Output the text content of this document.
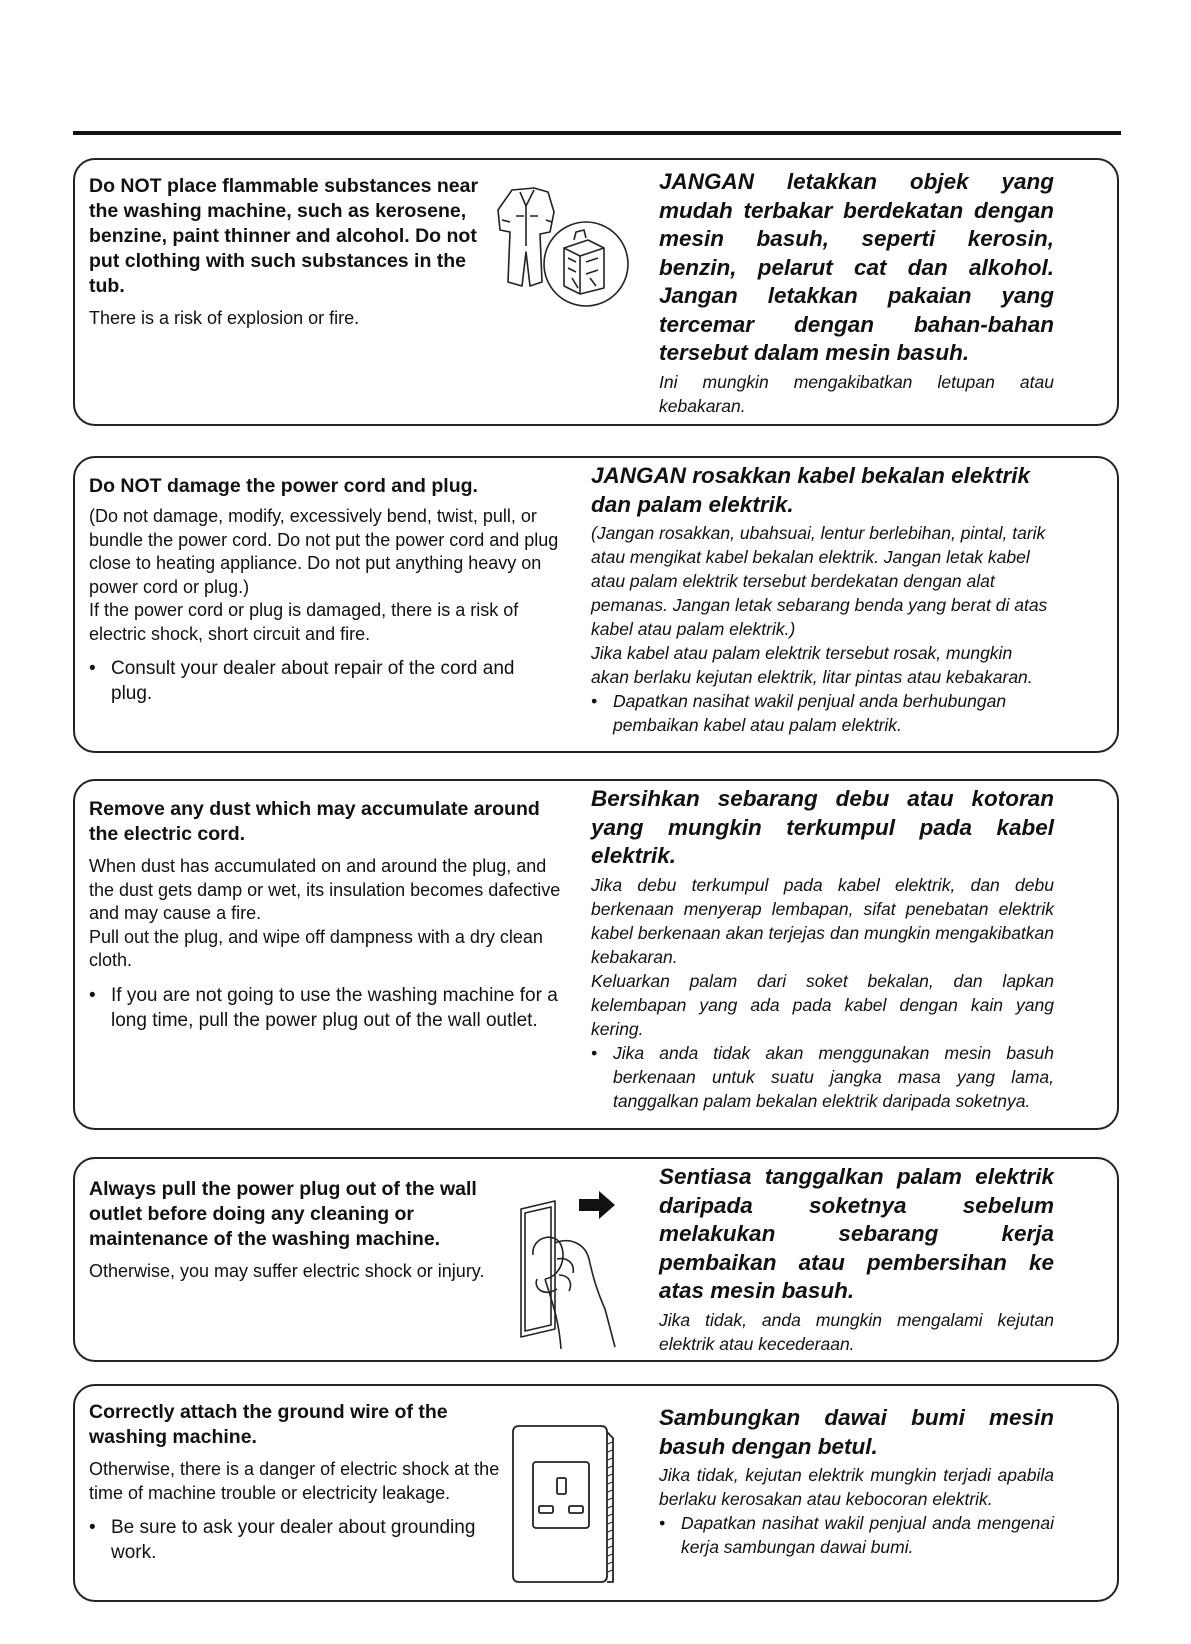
Do NOT place flammable substances near the washing machine, such as kerosene, benzine, paint thinner and alcohol. Do not put clothing with such substances in the tub.
There is a risk of explosion or fire.
JANGAN letakkan objek yang mudah terbakar berdekatan dengan mesin basuh, seperti kerosin, benzin, pelarut cat dan alkohol. Jangan letakkan pakaian yang tercemar dengan bahan-bahan tersebut dalam mesin basuh.
Ini mungkin mengakibatkan letupan atau kebakaran.
Do NOT damage the power cord and plug.
(Do not damage, modify, excessively bend, twist, pull, or bundle the power cord. Do not put the power cord and plug close to heating appliance. Do not put anything heavy on power cord or plug.)
If the power cord or plug is damaged, there is a risk of electric shock, short circuit and fire.
• Consult your dealer about repair of the cord and plug.
JANGAN rosakkan kabel bekalan elektrik dan palam elektrik.
(Jangan rosakkan, ubahsuai, lentur berlebihan, pintal, tarik atau mengikat kabel bekalan elektrik. Jangan letak kabel atau palam elektrik tersebut berdekatan dengan alat pemanas. Jangan letak sebarang benda yang berat di atas kabel atau palam elektrik.)
Jika kabel atau palam elektrik tersebut rosak, mungkin akan berlaku kejutan elektrik, litar pintas atau kebakaran.
• Dapatkan nasihat wakil penjual anda berhubungan pembaikan kabel atau palam elektrik.
Remove any dust which may accumulate around the electric cord.
When dust has accumulated on and around the plug, and the dust gets damp or wet, its insulation becomes dafective and may cause a fire.
Pull out the plug, and wipe off dampness with a dry clean cloth.
• If you are not going to use the washing machine for a long time, pull the power plug out of the wall outlet.
Bersihkan sebarang debu atau kotoran yang mungkin terkumpul pada kabel elektrik.
Jika debu terkumpul pada kabel elektrik, dan debu berkenaan menyerap lembapan, sifat penebatan elektrik kabel berkenaan akan terjejas dan mungkin mengakibatkan kebakaran.
Keluarkan palam dari soket bekalan, dan lapkan kelembapan yang ada pada kabel dengan kain yang kering.
• Jika anda tidak akan menggunakan mesin basuh berkenaan untuk suatu jangka masa yang lama, tanggalkan palam bekalan elektrik daripada soketnya.
Always pull the power plug out of the wall outlet before doing any cleaning or maintenance of the washing machine.
Otherwise, you may suffer electric shock or injury.
Sentiasa tanggalkan palam elektrik daripada soketnya sebelum melakukan sebarang kerja pembaikan atau pembersihan ke atas mesin basuh.
Jika tidak, anda mungkin mengalami kejutan elektrik atau kecederaan.
Correctly attach the ground wire of the washing machine.
Otherwise, there is a danger of electric shock at the time of machine trouble or electricity leakage.
• Be sure to ask your dealer about grounding work.
Sambungkan dawai bumi mesin basuh dengan betul.
Jika tidak, kejutan elektrik mungkin terjadi apabila berlaku kerosakan atau kebocoran elektrik.
• Dapatkan nasihat wakil penjual anda mengenai kerja sambungan dawai bumi.
